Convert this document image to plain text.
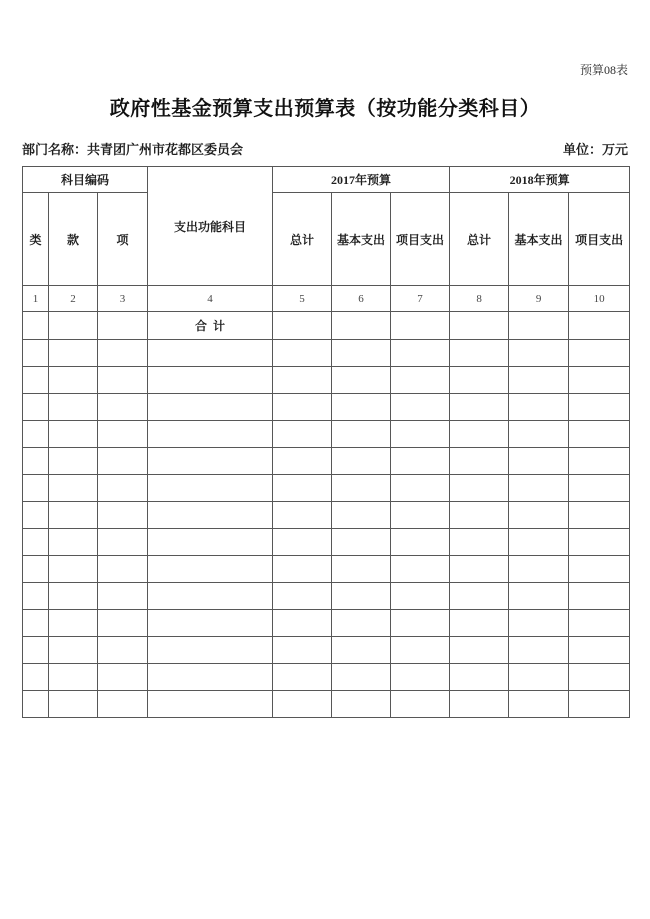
预算08表
政府性基金预算支出预算表（按功能分类科目）
部门名称：共青团广州市花都区委员会	单位：万元
科目编码			支出功能科目	2017年预算			2018年预算		
类	款	项		总计	基本支出	项目支出	总计	基本支出	项目支出
1	2	3	4	5	6	7	8	9	10
			合  计						
